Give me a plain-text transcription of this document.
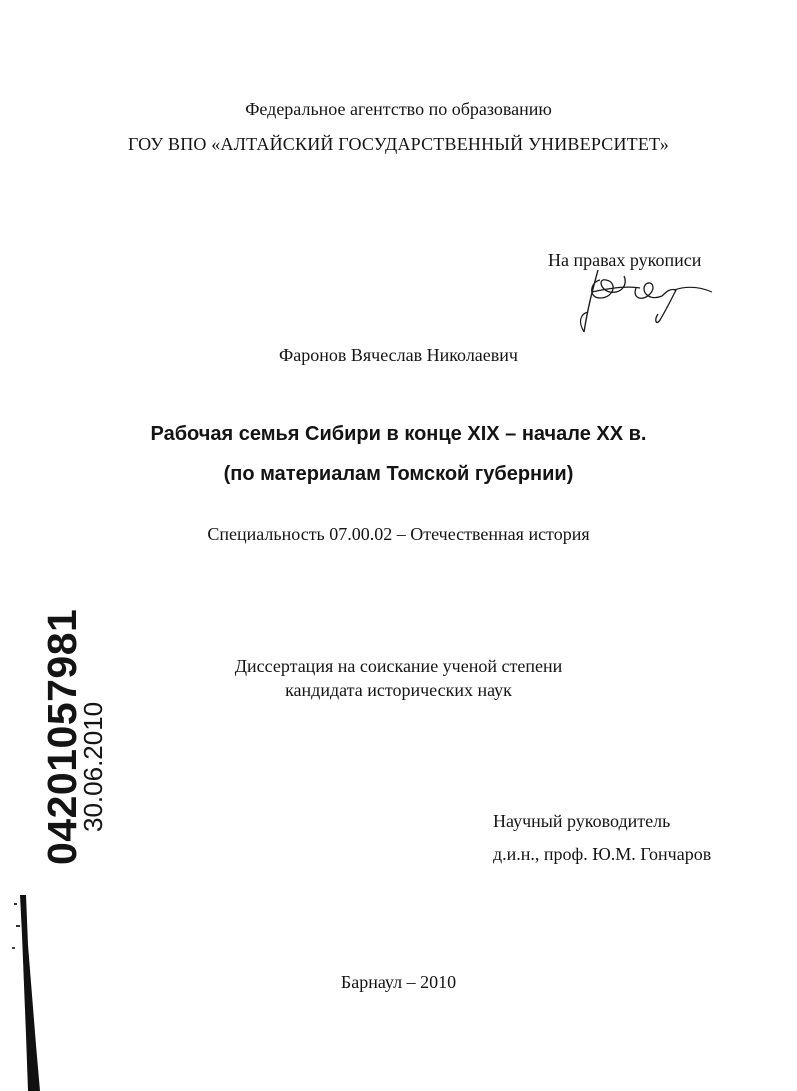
Федеральное агентство по образованию
ГОУ ВПО «АЛТАЙСКИЙ ГОСУДАРСТВЕННЫЙ УНИВЕРСИТЕТ»
На правах рукописи
Фаронов Вячеслав Николаевич
Рабочая семья Сибири в конце XIX – начале XX в.
(по материалам Томской губернии)
Специальность 07.00.02 – Отечественная история
Диссертация на соискание ученой степени
кандидата исторических наук
Научный руководитель
д.и.н., проф. Ю.М. Гончаров
Барнаул – 2010
04201057981
30.06.2010
